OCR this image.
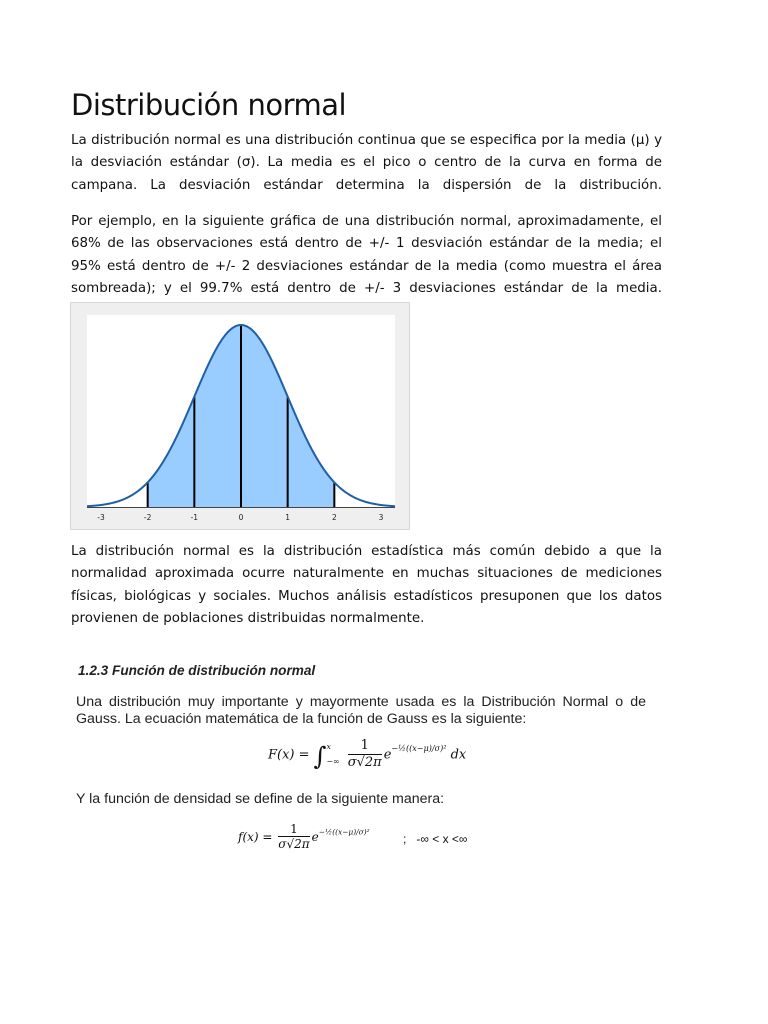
Distribución normal

La distribución normal es una distribución continua que se especifica por la media (μ) y la desviación estándar (σ). La media es el pico o centro de la curva en forma de campana. La desviación estándar determina la dispersión de la distribución.

Por ejemplo, en la siguiente gráfica de una distribución normal, aproximadamente, el 68% de las observaciones está dentro de +/- 1 desviación estándar de la media; el 95% está dentro de +/- 2 desviaciones estándar de la media (como muestra el área sombreada); y el 99.7% está dentro de +/- 3 desviaciones estándar de la media.

-3	-2	-1	0	1	2	3

La distribución normal es la distribución estadística más común debido a que la normalidad aproximada ocurre naturalmente en muchas situaciones de mediciones físicas, biológicas y sociales. Muchos análisis estadísticos presuponen que los datos provienen de poblaciones distribuidas normalmente.

1.2.3 Función de distribución normal

Una distribución muy importante y mayormente usada es la Distribución Normal o de Gauss. La ecuación matemática de la función de Gauss es la siguiente:

F(x) = ∫ x
−∞
$\frac{1}{\sigma√2\pi} e^{-\frac{1}{2}((x-\mu)/\sigma)^2}$ dx

Y la función de densidad se define de la siguiente manera:

$f(x) = \frac{1}{\sigma√2\pi} e^{-\frac{1}{2}((x-\mu)/\sigma)^2}$
;   -∞ < x <∞
